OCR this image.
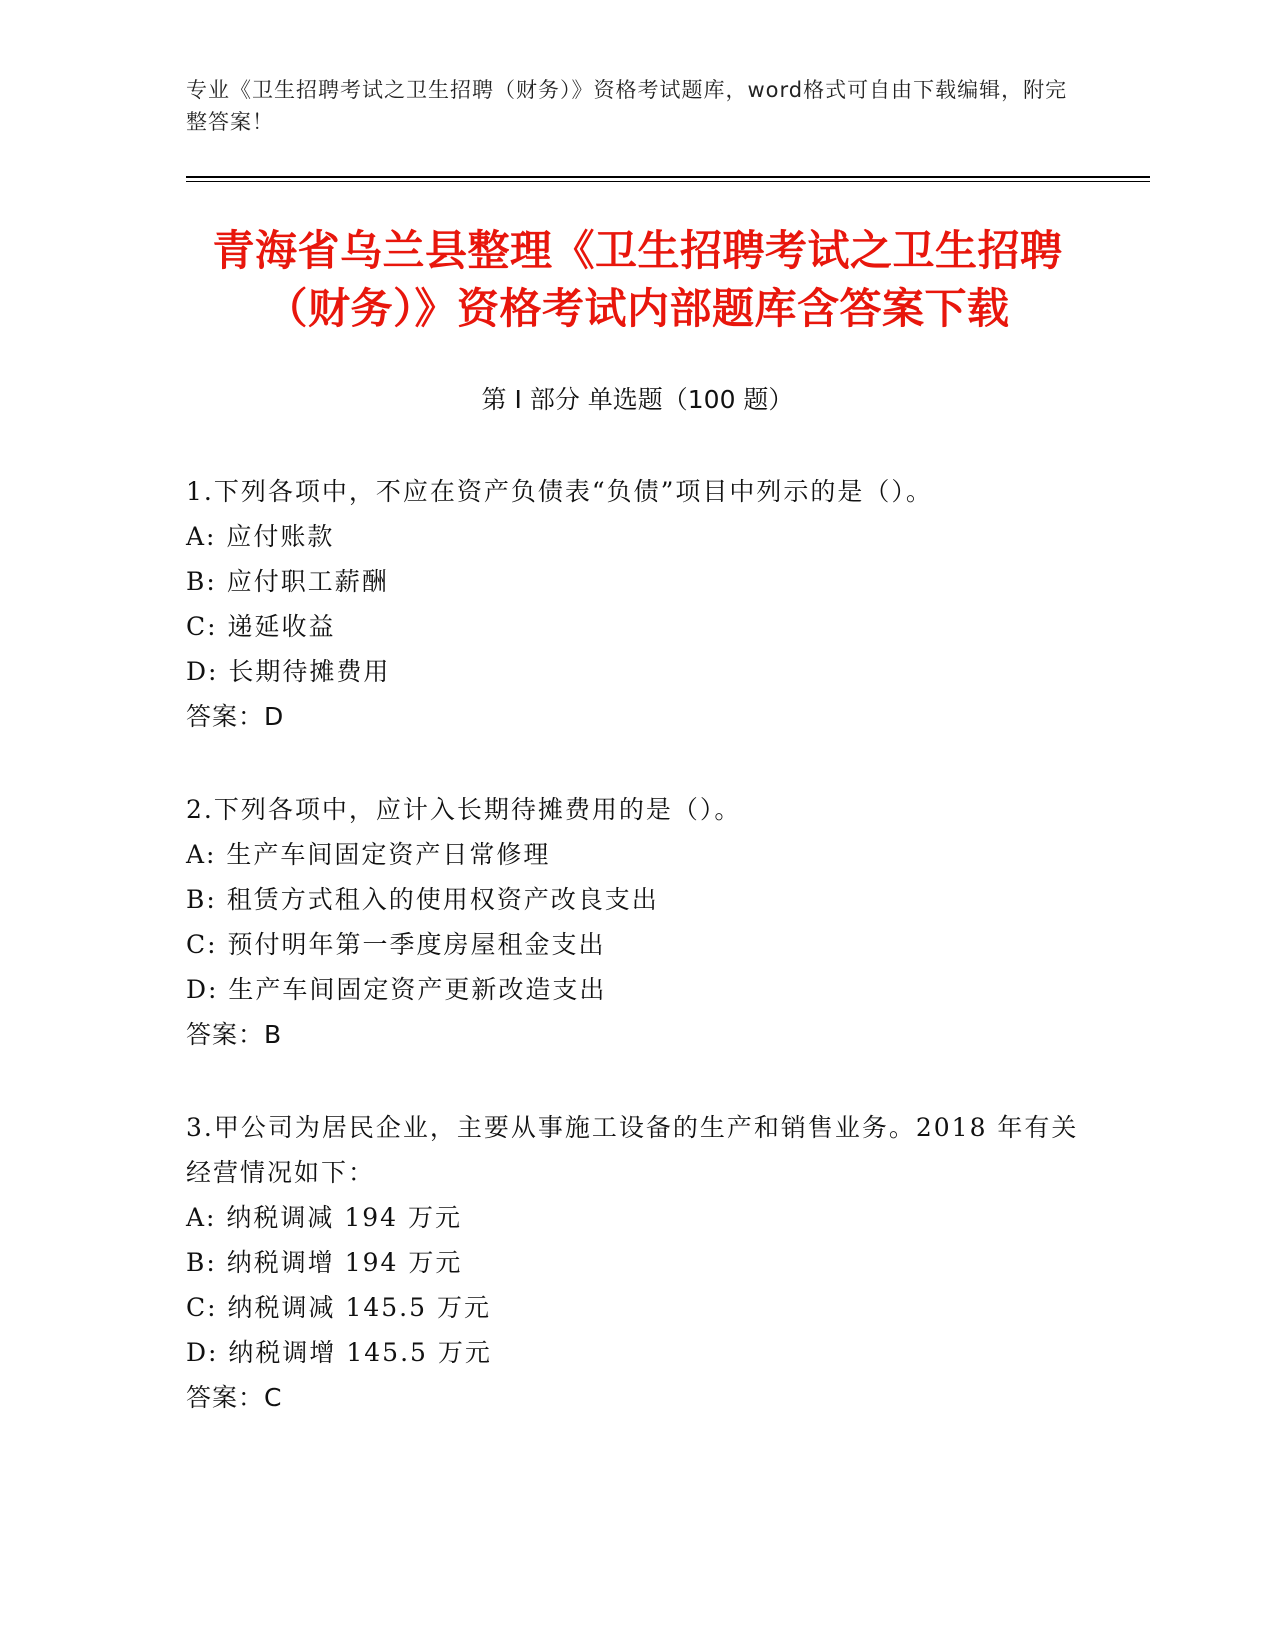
专业《卫生招聘考试之卫生招聘（财务）》资格考试题库，word格式可自由下载编辑，附完整答案！
青海省乌兰县整理《卫生招聘考试之卫生招聘（财务）》资格考试内部题库含答案下载
第 I 部分 单选题（100 题）
1.下列各项中，不应在资产负债表“负债”项目中列示的是（）。
A: 应付账款
B: 应付职工薪酬
C: 递延收益
D: 长期待摊费用
答案：D
2.下列各项中，应计入长期待摊费用的是（）。
A: 生产车间固定资产日常修理
B: 租赁方式租入的使用权资产改良支出
C: 预付明年第一季度房屋租金支出
D: 生产车间固定资产更新改造支出
答案：B
3.甲公司为居民企业，主要从事施工设备的生产和销售业务。2018 年有关经营情况如下：
A: 纳税调减 194 万元
B: 纳税调增 194 万元
C: 纳税调减 145.5 万元
D: 纳税调增 145.5 万元
答案：C
